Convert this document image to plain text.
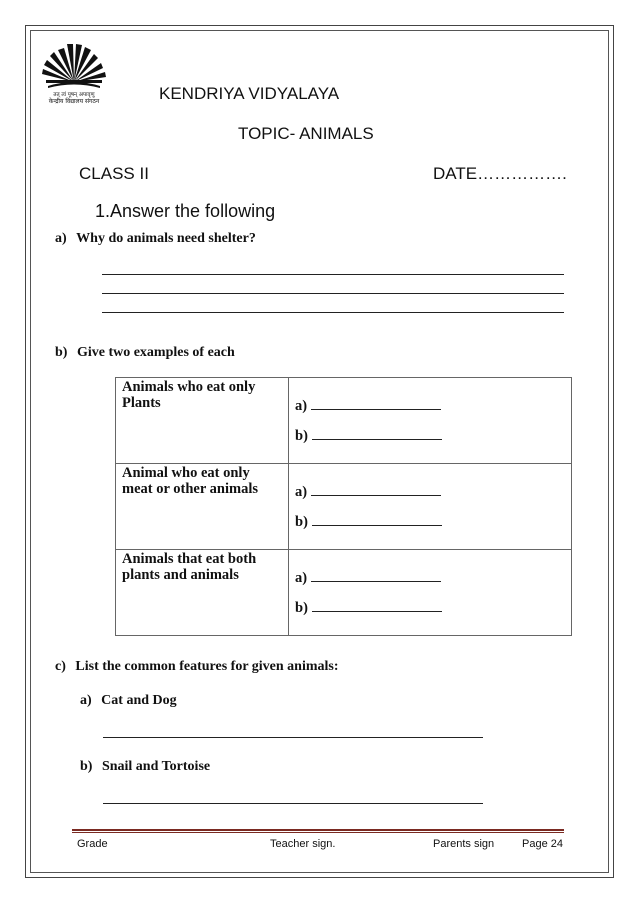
तत् त्वं पूषन् अपावृणु
केन्द्रीय विद्यालय संगठन	KENDRIYA VIDYALAYA
TOPIC- ANIMALS
CLASS II	DATE…………….
1.Answer the following
a) Why do animals need shelter?
b) Give two examples of each
Animals who eat only Plants	a)
b)

Animal who eat only meat or other animals	a)
b)

Animals that eat both plants and animals	a)
b)
c) List the common features for given animals:
a) Cat and Dog
b) Snail and Tortoise
Grade	Teacher sign.	Parents sign	Page 24
